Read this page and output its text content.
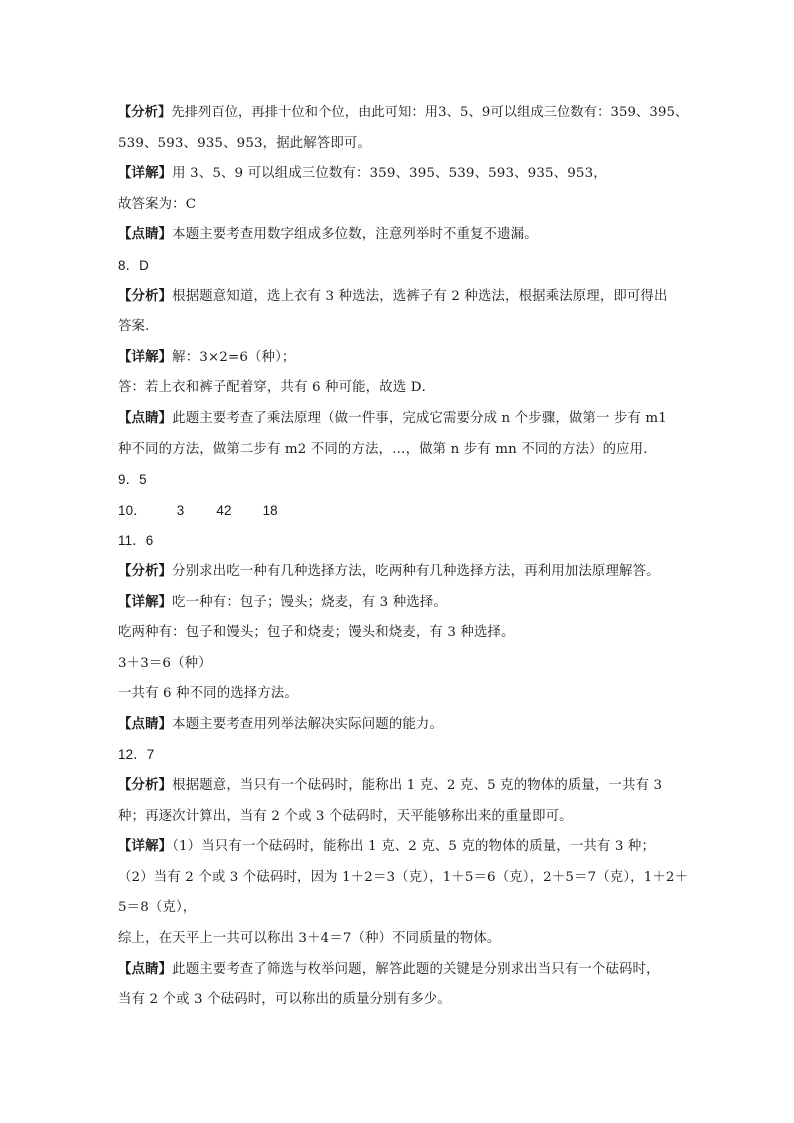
【分析】先排列百位，再排十位和个位，由此可知：用3、5、9可以组成三位数有：359、395、
539、593、935、953，据此解答即可。
【详解】用 3、5、9 可以组成三位数有：359、395、539、593、935、953，
故答案为：C
【点睛】本题主要考查用数字组成多位数，注意列举时不重复不遗漏。
8．D
【分析】根据题意知道，选上衣有 3 种选法，选裤子有 2 种选法，根据乘法原理，即可得出
答案．
【详解】解：3×2=6（种）；
答：若上衣和裤子配着穿，共有 6 种可能，故选 D．
【点睛】此题主要考查了乘法原理（做一件事，完成它需要分成 n 个步骤，做第一 步有 m1
种不同的方法，做第二步有 m2 不同的方法，…，做第 n 步有 mn 不同的方法）的应用．
9．5
10． 3 42 18
11．6
【分析】分别求出吃一种有几种选择方法，吃两种有几种选择方法，再利用加法原理解答。
【详解】吃一种有：包子；馒头；烧麦，有 3 种选择。
吃两种有：包子和馒头；包子和烧麦；馒头和烧麦，有 3 种选择。
3＋3＝6（种）
一共有 6 种不同的选择方法。
【点睛】本题主要考查用列举法解决实际问题的能力。
12．7
【分析】根据题意，当只有一个砝码时，能称出 1 克、2 克、5 克的物体的质量，一共有 3
种；再逐次计算出，当有 2 个或 3 个砝码时，天平能够称出来的重量即可。
【详解】（1）当只有一个砝码时，能称出 1 克、2 克、5 克的物体的质量，一共有 3 种；
（2）当有 2 个或 3 个砝码时，因为 1＋2＝3（克），1＋5＝6（克），2＋5＝7（克），1＋2＋
5＝8（克），
综上，在天平上一共可以称出 3＋4＝7（种）不同质量的物体。
【点睛】此题主要考查了筛选与枚举问题，解答此题的关键是分别求出当只有一个砝码时，
当有 2 个或 3 个砝码时，可以称出的质量分别有多少。
